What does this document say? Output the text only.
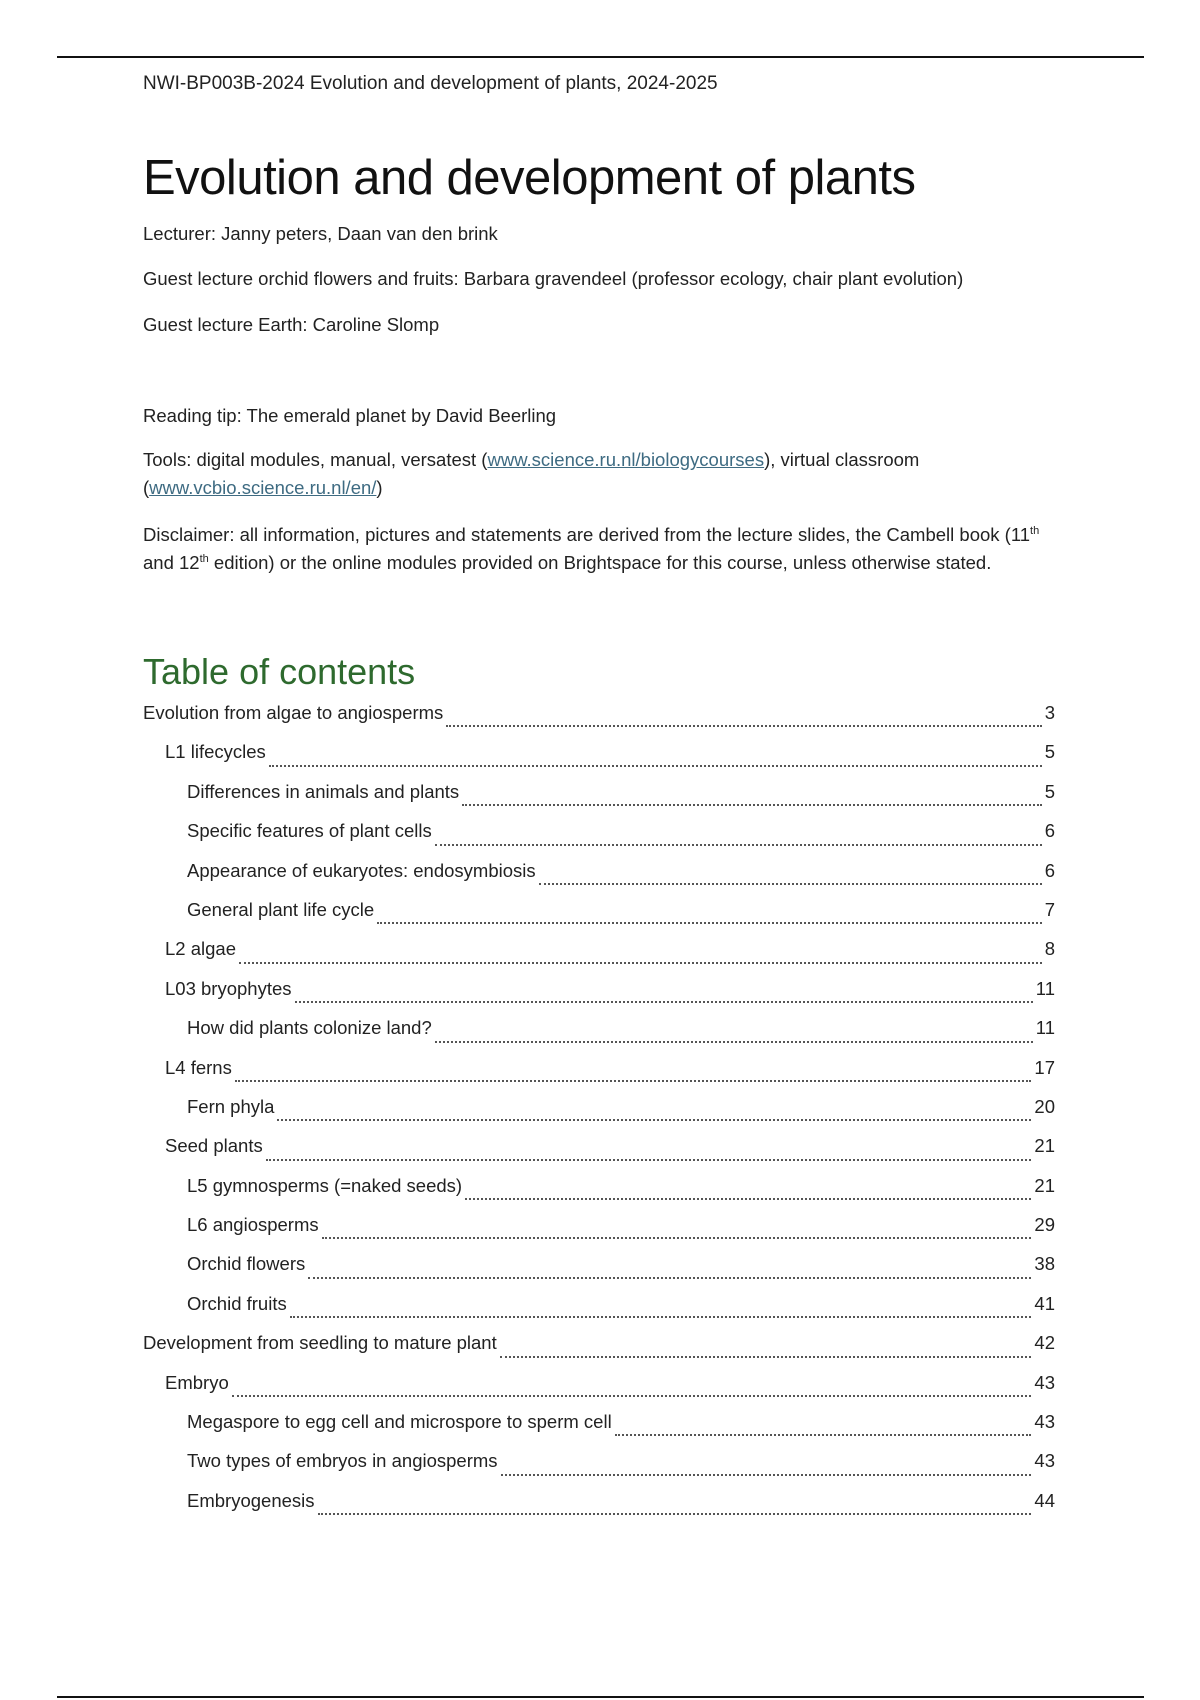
NWI-BP003B-2024 Evolution and development of plants, 2024-2025

Evolution and development of plants

Lecturer: Janny peters, Daan van den brink

Guest lecture orchid flowers and fruits: Barbara gravendeel (professor ecology, chair plant evolution)

Guest lecture Earth: Caroline Slomp

Reading tip: The emerald planet by David Beerling

Tools: digital modules, manual, versatest (www.science.ru.nl/biologycourses), virtual classroom (www.vcbio.science.ru.nl/en/)

Disclaimer: all information, pictures and statements are derived from the lecture slides, the Cambell book (11th and 12th edition) or the online modules provided on Brightspace for this course, unless otherwise stated.

Table of contents
Evolution from algae to angiosperms	3
L1 lifecycles	5
Differences in animals and plants	5
Specific features of plant cells	6
Appearance of eukaryotes: endosymbiosis	6
General plant life cycle	7
L2 algae	8
L03 bryophytes	11
How did plants colonize land?	11
L4 ferns	17
Fern phyla	20
Seed plants	21
L5 gymnosperms (=naked seeds)	21
L6 angiosperms	29
Orchid flowers	38
Orchid fruits	41
Development from seedling to mature plant	42
Embryo	43
Megaspore to egg cell and microspore to sperm cell	43
Two types of embryos in angiosperms	43
Embryogenesis	44
